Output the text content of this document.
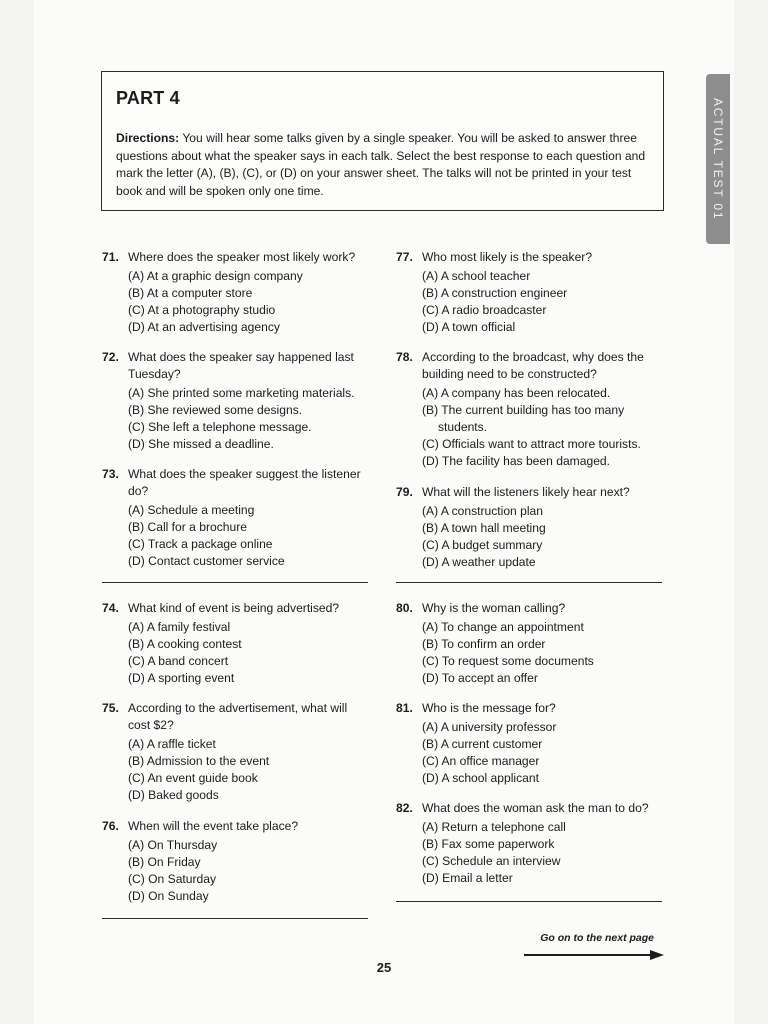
PART 4
Directions: You will hear some talks given by a single speaker. You will be asked to answer three questions about what the speaker says in each talk. Select the best response to each question and mark the letter (A), (B), (C), or (D) on your answer sheet. The talks will not be printed in your test book and will be spoken only one time.	ACTUAL TEST 01
71. Where does the speaker most likely work?
(A) At a graphic design company
(B) At a computer store
(C) At a photography studio
(D) At an advertising agency
72. What does the speaker say happened last Tuesday?
(A) She printed some marketing materials.
(B) She reviewed some designs.
(C) She left a telephone message.
(D) She missed a deadline.
73. What does the speaker suggest the listener do?
(A) Schedule a meeting
(B) Call for a brochure
(C) Track a package online
(D) Contact customer service
74. What kind of event is being advertised?
(A) A family festival
(B) A cooking contest
(C) A band concert
(D) A sporting event
75. According to the advertisement, what will cost $2?
(A) A raffle ticket
(B) Admission to the event
(C) An event guide book
(D) Baked goods
76. When will the event take place?
(A) On Thursday
(B) On Friday
(C) On Saturday
(D) On Sunday
77. Who most likely is the speaker?
(A) A school teacher
(B) A construction engineer
(C) A radio broadcaster
(D) A town official
78. According to the broadcast, why does the building need to be constructed?
(A) A company has been relocated.
(B) The current building has too many
students.
(C) Officials want to attract more tourists.
(D) The facility has been damaged.
79. What will the listeners likely hear next?
(A) A construction plan
(B) A town hall meeting
(C) A budget summary
(D) A weather update
80. Why is the woman calling?
(A) To change an appointment
(B) To confirm an order
(C) To request some documents
(D) To accept an offer
81. Who is the message for?
(A) A university professor
(B) A current customer
(C) An office manager
(D) A school applicant
82. What does the woman ask the man to do?
(A) Return a telephone call
(B) Fax some paperwork
(C) Schedule an interview
(D) Email a letter
Go on to the next page
25
